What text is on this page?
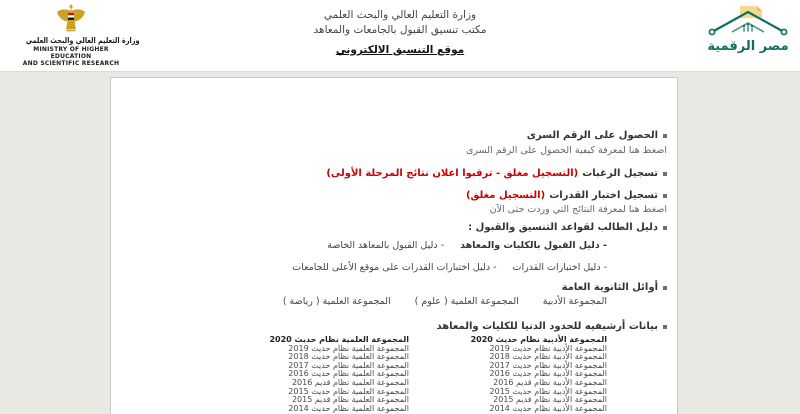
وزارة التعليم العالي والبحث العلمي
MINISTRY OF HIGHER EDUCATION
AND SCIENTIFIC RESEARCH
وزارة التعليم العالي والبحث العلمي
مكتب تنسيق القبول بالجامعات والمعاهد
موقع التنسيق الالكتروني	مصر الرقمية
الحصول على الرقم السرى
اضغط هنا لمعرفة كيفية الحصول على الرقم السرى
تسجيل الرغبات
(التسجيل مغلق - ترقبوا اعلان نتائج المرحلة الأولى)
تسجيل اختبار القدرات
(التسجيل مغلق)
اضغط هنا لمعرفة النتائج التي وردت حتى الآن
دليل الطالب لقواعد التنسيق والقبول :
- دليل القبول بالكليات والمعاهد
- دليل القبول بالمعاهد الخاصة
- دليل اختبارات القدرات
- دليل اختبارات القدرات على موقع الأعلى للجامعات
أوائل الثانوية العامة
المجموعة الأدبية
المجموعة العلمية ( علوم )
المجموعة العلمية ( رياضة )
بيانات أرشيفيه للحدود الدنيا للكليات والمعاهد
المجموعة الأدبية نظام حديث 2020
المجموعة العلمية نظام حديث 2020
المجموعة الأدبية نظام حديث 2019
المجموعة العلمية نظام حديث 2019
المجموعة الأدبية نظام حديث 2018
المجموعة العلمية نظام حديث 2018
المجموعة الأدبية نظام حديث 2017
المجموعة العلمية نظام حديث 2017
المجموعة الأدبية نظام حديث 2016
المجموعة العلمية نظام حديث 2016
المجموعة الأدبية نظام قديم 2016
المجموعة العلمية نظام قديم 2016
المجموعة الأدبية نظام حديث 2015
المجموعة العلمية نظام حديث 2015
المجموعة الأدبية نظام قديم 2015
المجموعة العلمية نظام قديم 2015
المجموعة الأدبية نظام حديث 2014
المجموعة العلمية نظام حديث 2014
